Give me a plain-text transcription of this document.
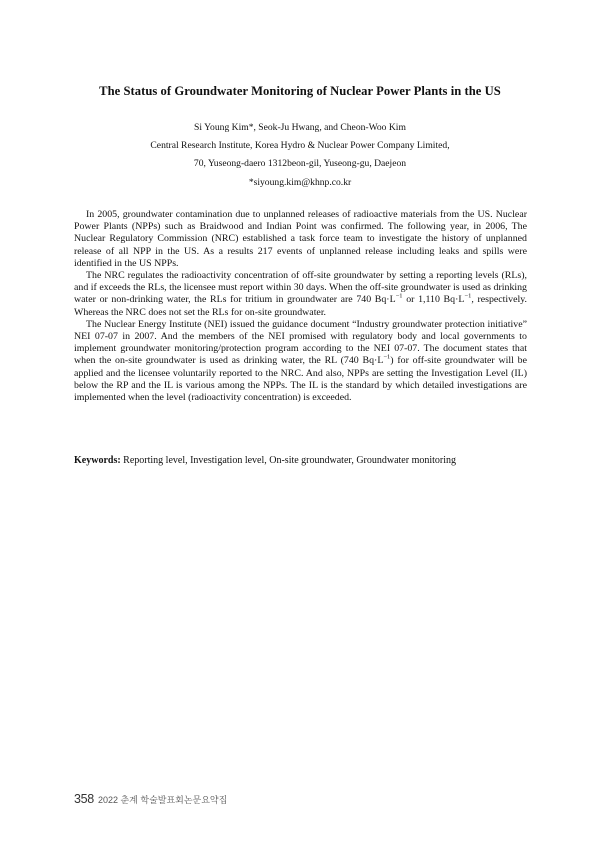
The Status of Groundwater Monitoring of Nuclear Power Plants in the US
Si Young Kim*, Seok-Ju Hwang, and Cheon-Woo Kim
Central Research Institute, Korea Hydro & Nuclear Power Company Limited,
70, Yuseong-daero 1312beon-gil, Yuseong-gu, Daejeon
*siyoung.kim@khnp.co.kr

In 2005, groundwater contamination due to unplanned releases of radioactive materials from the US. Nuclear Power Plants (NPPs) such as Braidwood and Indian Point was confirmed. The following year, in 2006, The Nuclear Regulatory Commission (NRC) established a task force team to investigate the history of unplanned release of all NPP in the US. As a results 217 events of unplanned release including leaks and spills were identified in the US NPPs.

The NRC regulates the radioactivity concentration of off-site groundwater by setting a reporting levels (RLs), and if exceeds the RLs, the licensee must report within 30 days. When the off-site groundwater is used as drinking water or non-drinking water, the RLs for tritium in groundwater are 740 $Bq\cdot L^{-1}$ or 1,110 $Bq\cdot L^{-1}$, respectively. Whereas the NRC does not set the RLs for on-site groundwater.

The Nuclear Energy Institute (NEI) issued the guidance document “Industry groundwater protection initiative” NEI 07-07 in 2007. And the members of the NEI promised with regulatory body and local governments to implement groundwater monitoring/protection program according to the NEI 07-07. The document states that when the on-site groundwater is used as drinking water, the RL (740 $Bq\cdot L^{-1}$) for off-site groundwater will be applied and the licensee voluntarily reported to the NRC. And also, NPPs are setting the Investigation Level (IL) below the RP and the IL is various among the NPPs. The IL is the standard by which detailed investigations are implemented when the level (radioactivity concentration) is exceeded.

Keywords: Reporting level, Investigation level, On-site groundwater, Groundwater monitoring
358 2022 춘계 학술발표회논문요약집
